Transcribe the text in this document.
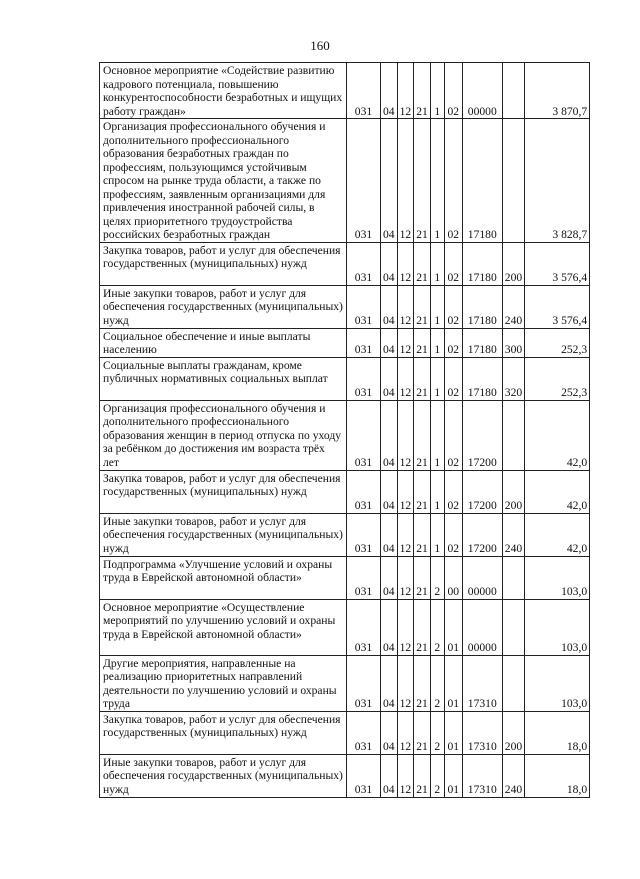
160
Основное мероприятие «Содействие развитию кадрового потенциала, повышению конкурентоспособности безработных и ищущих работу граждан»	031	04	12	21	1	02	00000		3 870,7
Организация профессионального обучения и дополнительного профессионального образования безработных граждан по профессиям, пользующимся устойчивым спросом на рынке труда области, а также по профессиям, заявленным организациями для привлечения иностранной рабочей силы, в целях приоритетного трудоустройства российских безработных граждан	031	04	12	21	1	02	17180		3 828,7
Закупка товаров, работ и услуг для обеспечения государственных (муниципальных) нужд	031	04	12	21	1	02	17180	200	3 576,4
Иные закупки товаров, работ и услуг для обеспечения государственных (муниципальных) нужд	031	04	12	21	1	02	17180	240	3 576,4
Социальное обеспечение и иные выплаты населению	031	04	12	21	1	02	17180	300	252,3
Социальные выплаты гражданам, кроме публичных нормативных социальных выплат	031	04	12	21	1	02	17180	320	252,3
Организация профессионального обучения и дополнительного профессионального образования женщин в период отпуска по уходу за ребёнком до достижения им возраста трёх лет	031	04	12	21	1	02	17200		42,0
Закупка товаров, работ и услуг для обеспечения государственных (муниципальных) нужд	031	04	12	21	1	02	17200	200	42,0
Иные закупки товаров, работ и услуг для обеспечения государственных (муниципальных) нужд	031	04	12	21	1	02	17200	240	42,0
Подпрограмма «Улучшение условий и охраны труда в Еврейской автономной области»	031	04	12	21	2	00	00000		103,0
Основное мероприятие «Осуществление мероприятий по улучшению условий и охраны труда в Еврейской автономной области»	031	04	12	21	2	01	00000		103,0
Другие мероприятия, направленные на реализацию приоритетных направлений деятельности по улучшению условий и охраны труда	031	04	12	21	2	01	17310		103,0
Закупка товаров, работ и услуг для обеспечения государственных (муниципальных) нужд	031	04	12	21	2	01	17310	200	18,0
Иные закупки товаров, работ и услуг для обеспечения государственных (муниципальных) нужд	031	04	12	21	2	01	17310	240	18,0
